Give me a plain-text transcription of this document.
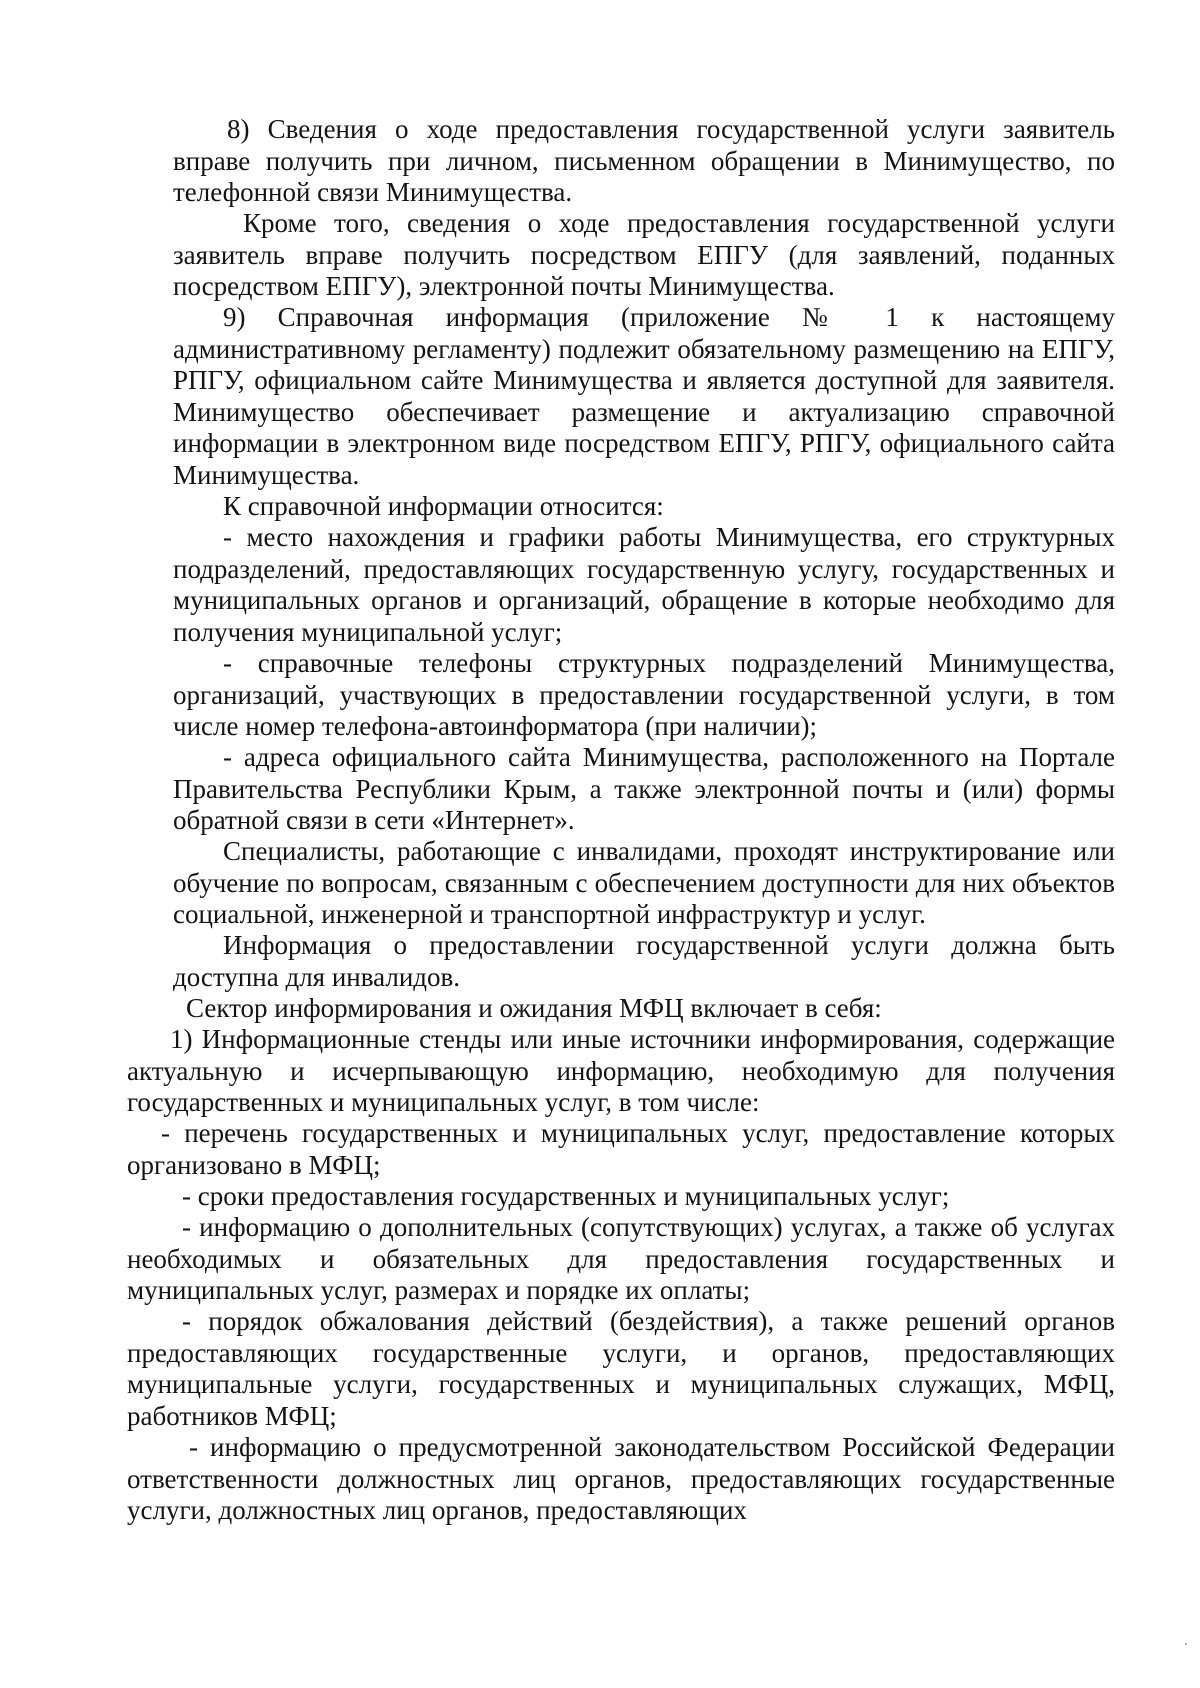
8) Сведения о ходе предоставления государственной услуги заявитель вправе получить при личном, письменном обращении в Минимущество, по телефонной связи Минимущества.

Кроме того, сведения о ходе предоставления государственной услуги заявитель вправе получить посредством ЕПГУ (для заявлений, поданных посредством ЕПГУ), электронной почты Минимущества.

9) Справочная информация (приложение № 1 к настоящему административному регламенту) подлежит обязательному размещению на ЕПГУ, РПГУ, официальном сайте Минимущества и является доступной для заявителя. Минимущество обеспечивает размещение и актуализацию справочной информации в электронном виде посредством ЕПГУ, РПГУ, официального сайта Минимущества.

К справочной информации относится:

- место нахождения и графики работы Минимущества, его структурных подразделений, предоставляющих государственную услугу, государственных и муниципальных органов и организаций, обращение в которые необходимо для получения муниципальной услуг;

- справочные телефоны структурных подразделений Минимущества, организаций, участвующих в предоставлении государственной услуги, в том числе номер телефона-автоинформатора (при наличии);

- адреса официального сайта Минимущества, расположенного на Портале Правительства Республики Крым, а также электронной почты и (или) формы обратной связи в сети «Интернет».

Специалисты, работающие с инвалидами, проходят инструктирование или обучение по вопросам, связанным с обеспечением доступности для них объектов социальной, инженерной и транспортной инфраструктур и услуг.

Информация о предоставлении государственной услуги должна быть доступна для инвалидов.

Сектор информирования и ожидания МФЦ включает в себя:

1) Информационные стенды или иные источники информирования, содержащие актуальную и исчерпывающую информацию, необходимую для получения государственных и муниципальных услуг, в том числе:

- перечень государственных и муниципальных услуг, предоставление которых организовано в МФЦ;

- сроки предоставления государственных и муниципальных услуг;

- информацию о дополнительных (сопутствующих) услугах, а также об услугах необходимых и обязательных для предоставления государственных и муниципальных услуг, размерах и порядке их оплаты;

- порядок обжалования действий (бездействия), а также решений органов предоставляющих государственные услуги, и органов, предоставляющих муниципальные услуги, государственных и муниципальных служащих, МФЦ, работников МФЦ;

- информацию о предусмотренной законодательством Российской Федерации ответственности должностных лиц органов, предоставляющих государственные услуги, должностных лиц органов, предоставляющих
